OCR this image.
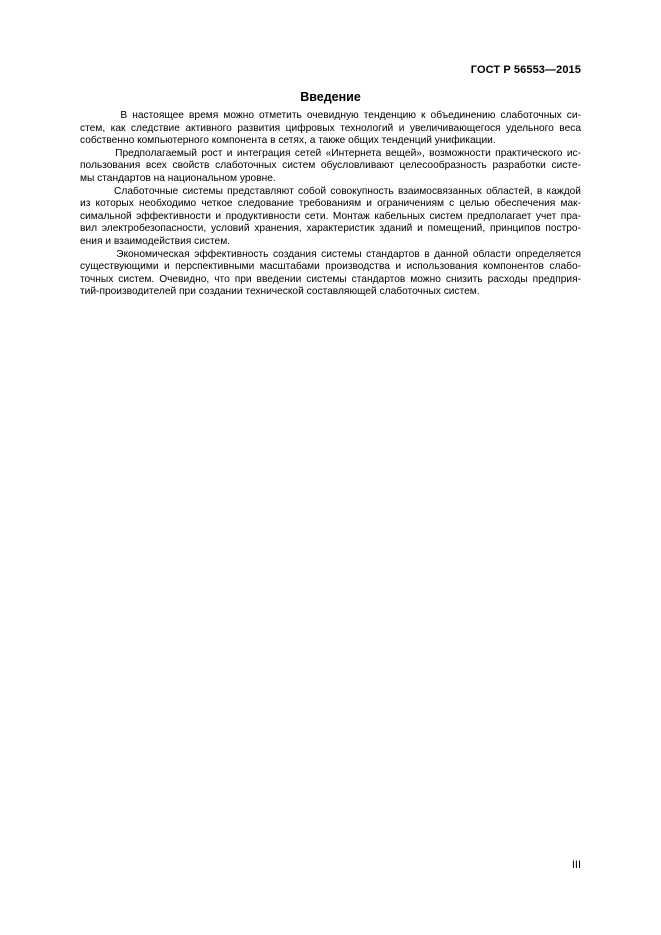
ГОСТ Р 56553—2015
Введение

В настоящее время можно отметить очевидную тенденцию к объединению слаботочных си-
стем, как следствие активного развития цифровых технологий и увеличивающегося удельного веса
собственно компьютерного компонента в сетях, а также общих тенденций унификации.

Предполагаемый рост и интеграция сетей «Интернета вещей», возможности практического ис-
пользования всех свойств слаботочных систем обусловливают целесообразность разработки систе-
мы стандартов на национальном уровне.

Слаботочные системы представляют собой совокупность взаимосвязанных областей, в каждой
из которых необходимо четкое следование требованиям и ограничениям с целью обеспечения мак-
симальной эффективности и продуктивности сети. Монтаж кабельных систем предполагает учет пра-
вил электробезопасности, условий хранения, характеристик зданий и помещений, принципов постро-
ения и взаимодействия систем.

Экономическая эффективность создания системы стандартов в данной области определяется
существующими и перспективными масштабами производства и использования компонентов слабо-
точных систем. Очевидно, что при введении системы стандартов можно снизить расходы предприя-
тий-производителей при создании технической составляющей слаботочных систем.

III
